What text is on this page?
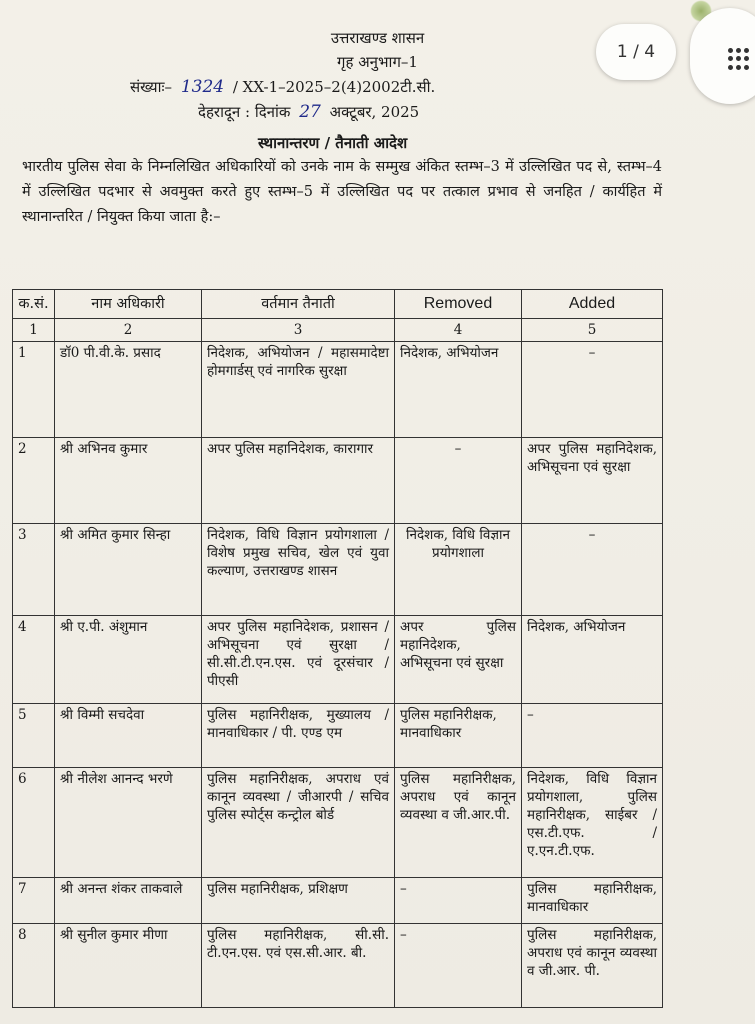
उत्तराखण्ड शासन
गृह अनुभाग–1
संख्याः– 1324 / XX-1–2025–2(4)2002टी.सी.
देहरादून : दिनांक 27 अक्टूबर, 2025
स्थानान्तरण / तैनाती आदेश
भारतीय पुलिस सेवा के निम्नलिखित अधिकारियों को उनके नाम के सम्मुख अंकित स्तम्भ–3 में उल्लिखित पद से, स्तम्भ–4 में उल्लिखित पदभार से अवमुक्त करते हुए स्तम्भ–5 में उल्लिखित पद पर तत्काल प्रभाव से जनहित / कार्यहित में स्थानान्तरित / नियुक्त किया जाता है:–
क.सं.	नाम अधिकारी	वर्तमान तैनाती	Removed	Added
1	2	3	4	5
1	डॉ0 पी.वी.के. प्रसाद	निदेशक, अभियोजन / महासमादेष्टा होमगार्डस् एवं नागरिक सुरक्षा	निदेशक, अभियोजन	–
2	श्री अभिनव कुमार	अपर पुलिस महानिदेशक, कारागार	–	अपर पुलिस महानिदेशक, अभिसूचना एवं सुरक्षा
3	श्री अमित कुमार सिन्हा	निदेशक, विधि विज्ञान प्रयोगशाला / विशेष प्रमुख सचिव, खेल एवं युवा कल्याण, उत्तराखण्ड शासन	निदेशक, विधि विज्ञान प्रयोगशाला	–
4	श्री ए.पी. अंशुमान	अपर पुलिस महानिदेशक, प्रशासन / अभिसूचना एवं सुरक्षा / सी.सी.टी.एन.एस. एवं दूरसंचार / पीएसी	अपर पुलिस महानिदेशक, अभिसूचना एवं सुरक्षा	निदेशक, अभियोजन
5	श्री विम्मी सचदेवा	पुलिस महानिरीक्षक, मुख्यालय / मानवाधिकार / पी. एण्ड एम	पुलिस महानिरीक्षक, मानवाधिकार	–
6	श्री नीलेश आनन्द भरणे	पुलिस महानिरीक्षक, अपराध एवं कानून व्यवस्था / जीआरपी / सचिव पुलिस स्पोर्ट्स कन्ट्रोल बोर्ड	पुलिस महानिरीक्षक, अपराध एवं कानून व्यवस्था व जी.आर.पी.	निदेशक, विधि विज्ञान प्रयोगशाला, पुलिस महानिरीक्षक, साईबर / एस.टी.एफ. / ए.एन.टी.एफ.
7	श्री अनन्त शंकर ताकवाले	पुलिस महानिरीक्षक, प्रशिक्षण	–	पुलिस महानिरीक्षक, मानवाधिकार
8	श्री सुनील कुमार मीणा	पुलिस महानिरीक्षक, सी.सी. टी.एन.एस. एवं एस.सी.आर. बी.	–	पुलिस महानिरीक्षक, अपराध एवं कानून व्यवस्था व जी.आर. पी.
1 / 4
